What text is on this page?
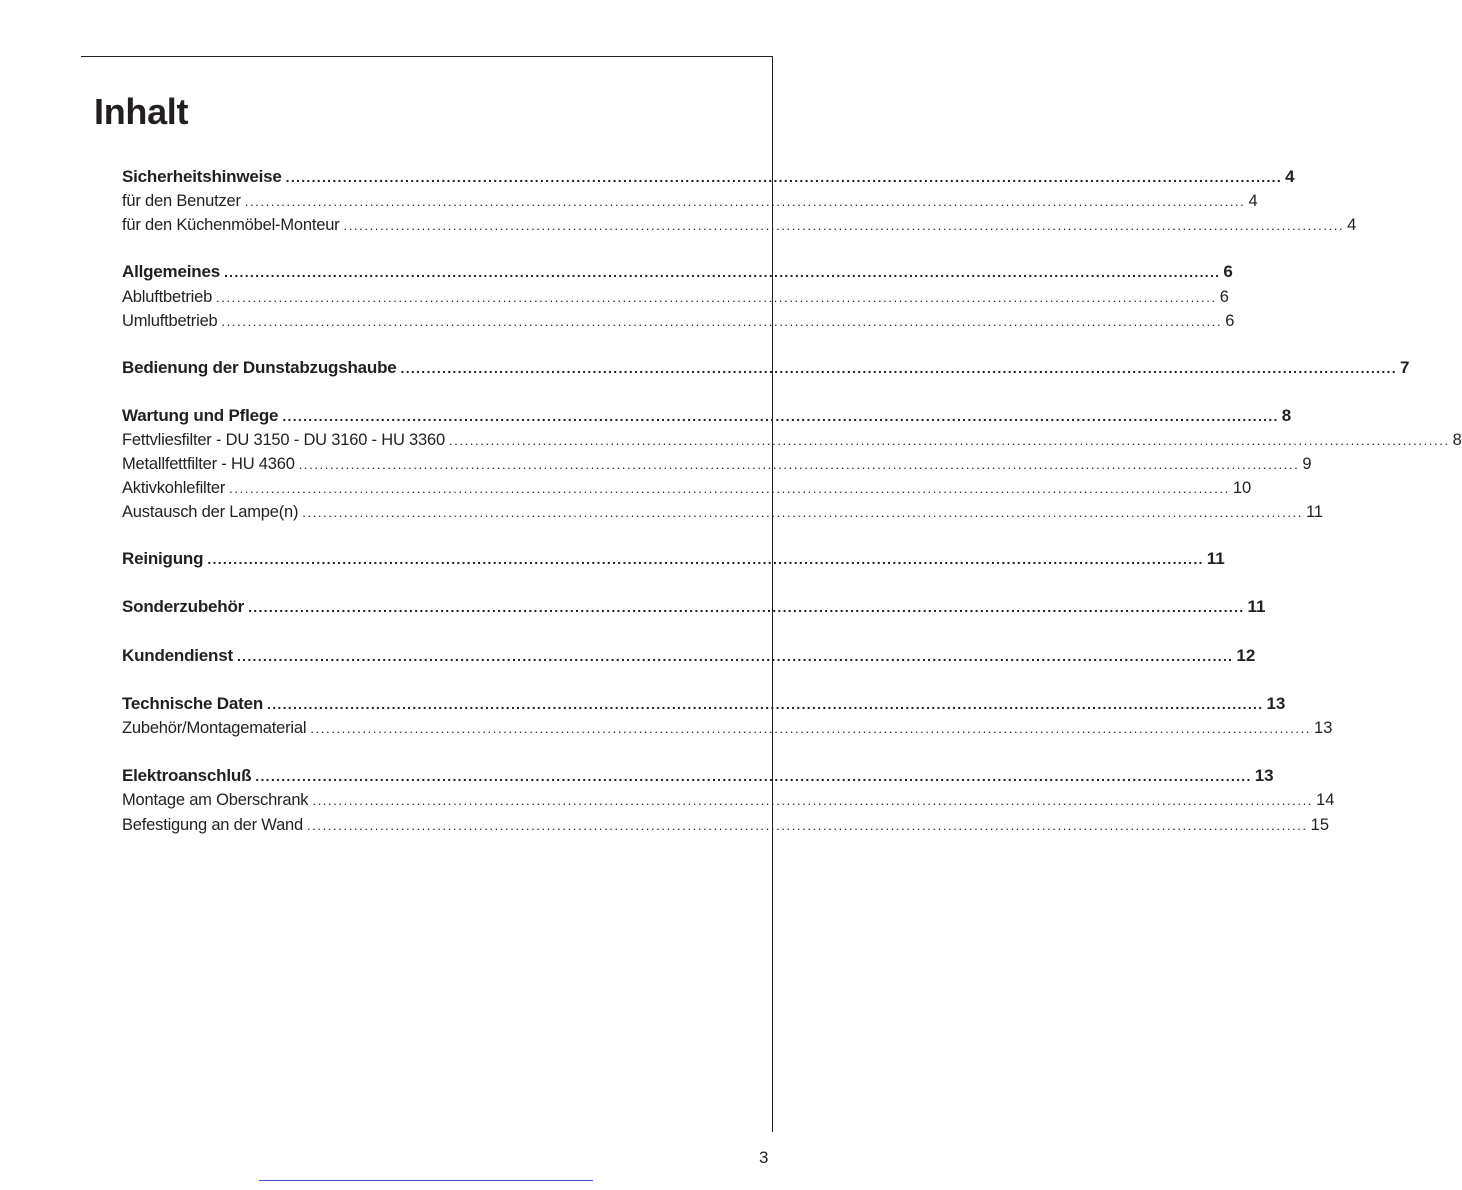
Inhalt
Sicherheitshinweise .....	4
für den Benutzer .....	4
für den Küchenmöbel-Monteur .....	4
Allgemeines .....	6
Abluftbetrieb .....	6
Umluftbetrieb .....	6
Bedienung der Dunstabzugshaube .....	7
Wartung und Pflege .....	8
Fettvliesfilter - DU 3150 - DU 3160 - HU 3360 .....	8
Metallfettfilter - HU 4360 .....	9
Aktivkohlefilter .....	10
Austausch der Lampe(n) .....	11
Reinigung .....	11
Sonderzubehör .....	11
Kundendienst .....	12
Technische Daten .....	13
Zubehör/Montagematerial .....	13
Elektroanschluß .....	13
Montage am Oberschrank .....	14
Befestigung an der Wand .....	15
3
